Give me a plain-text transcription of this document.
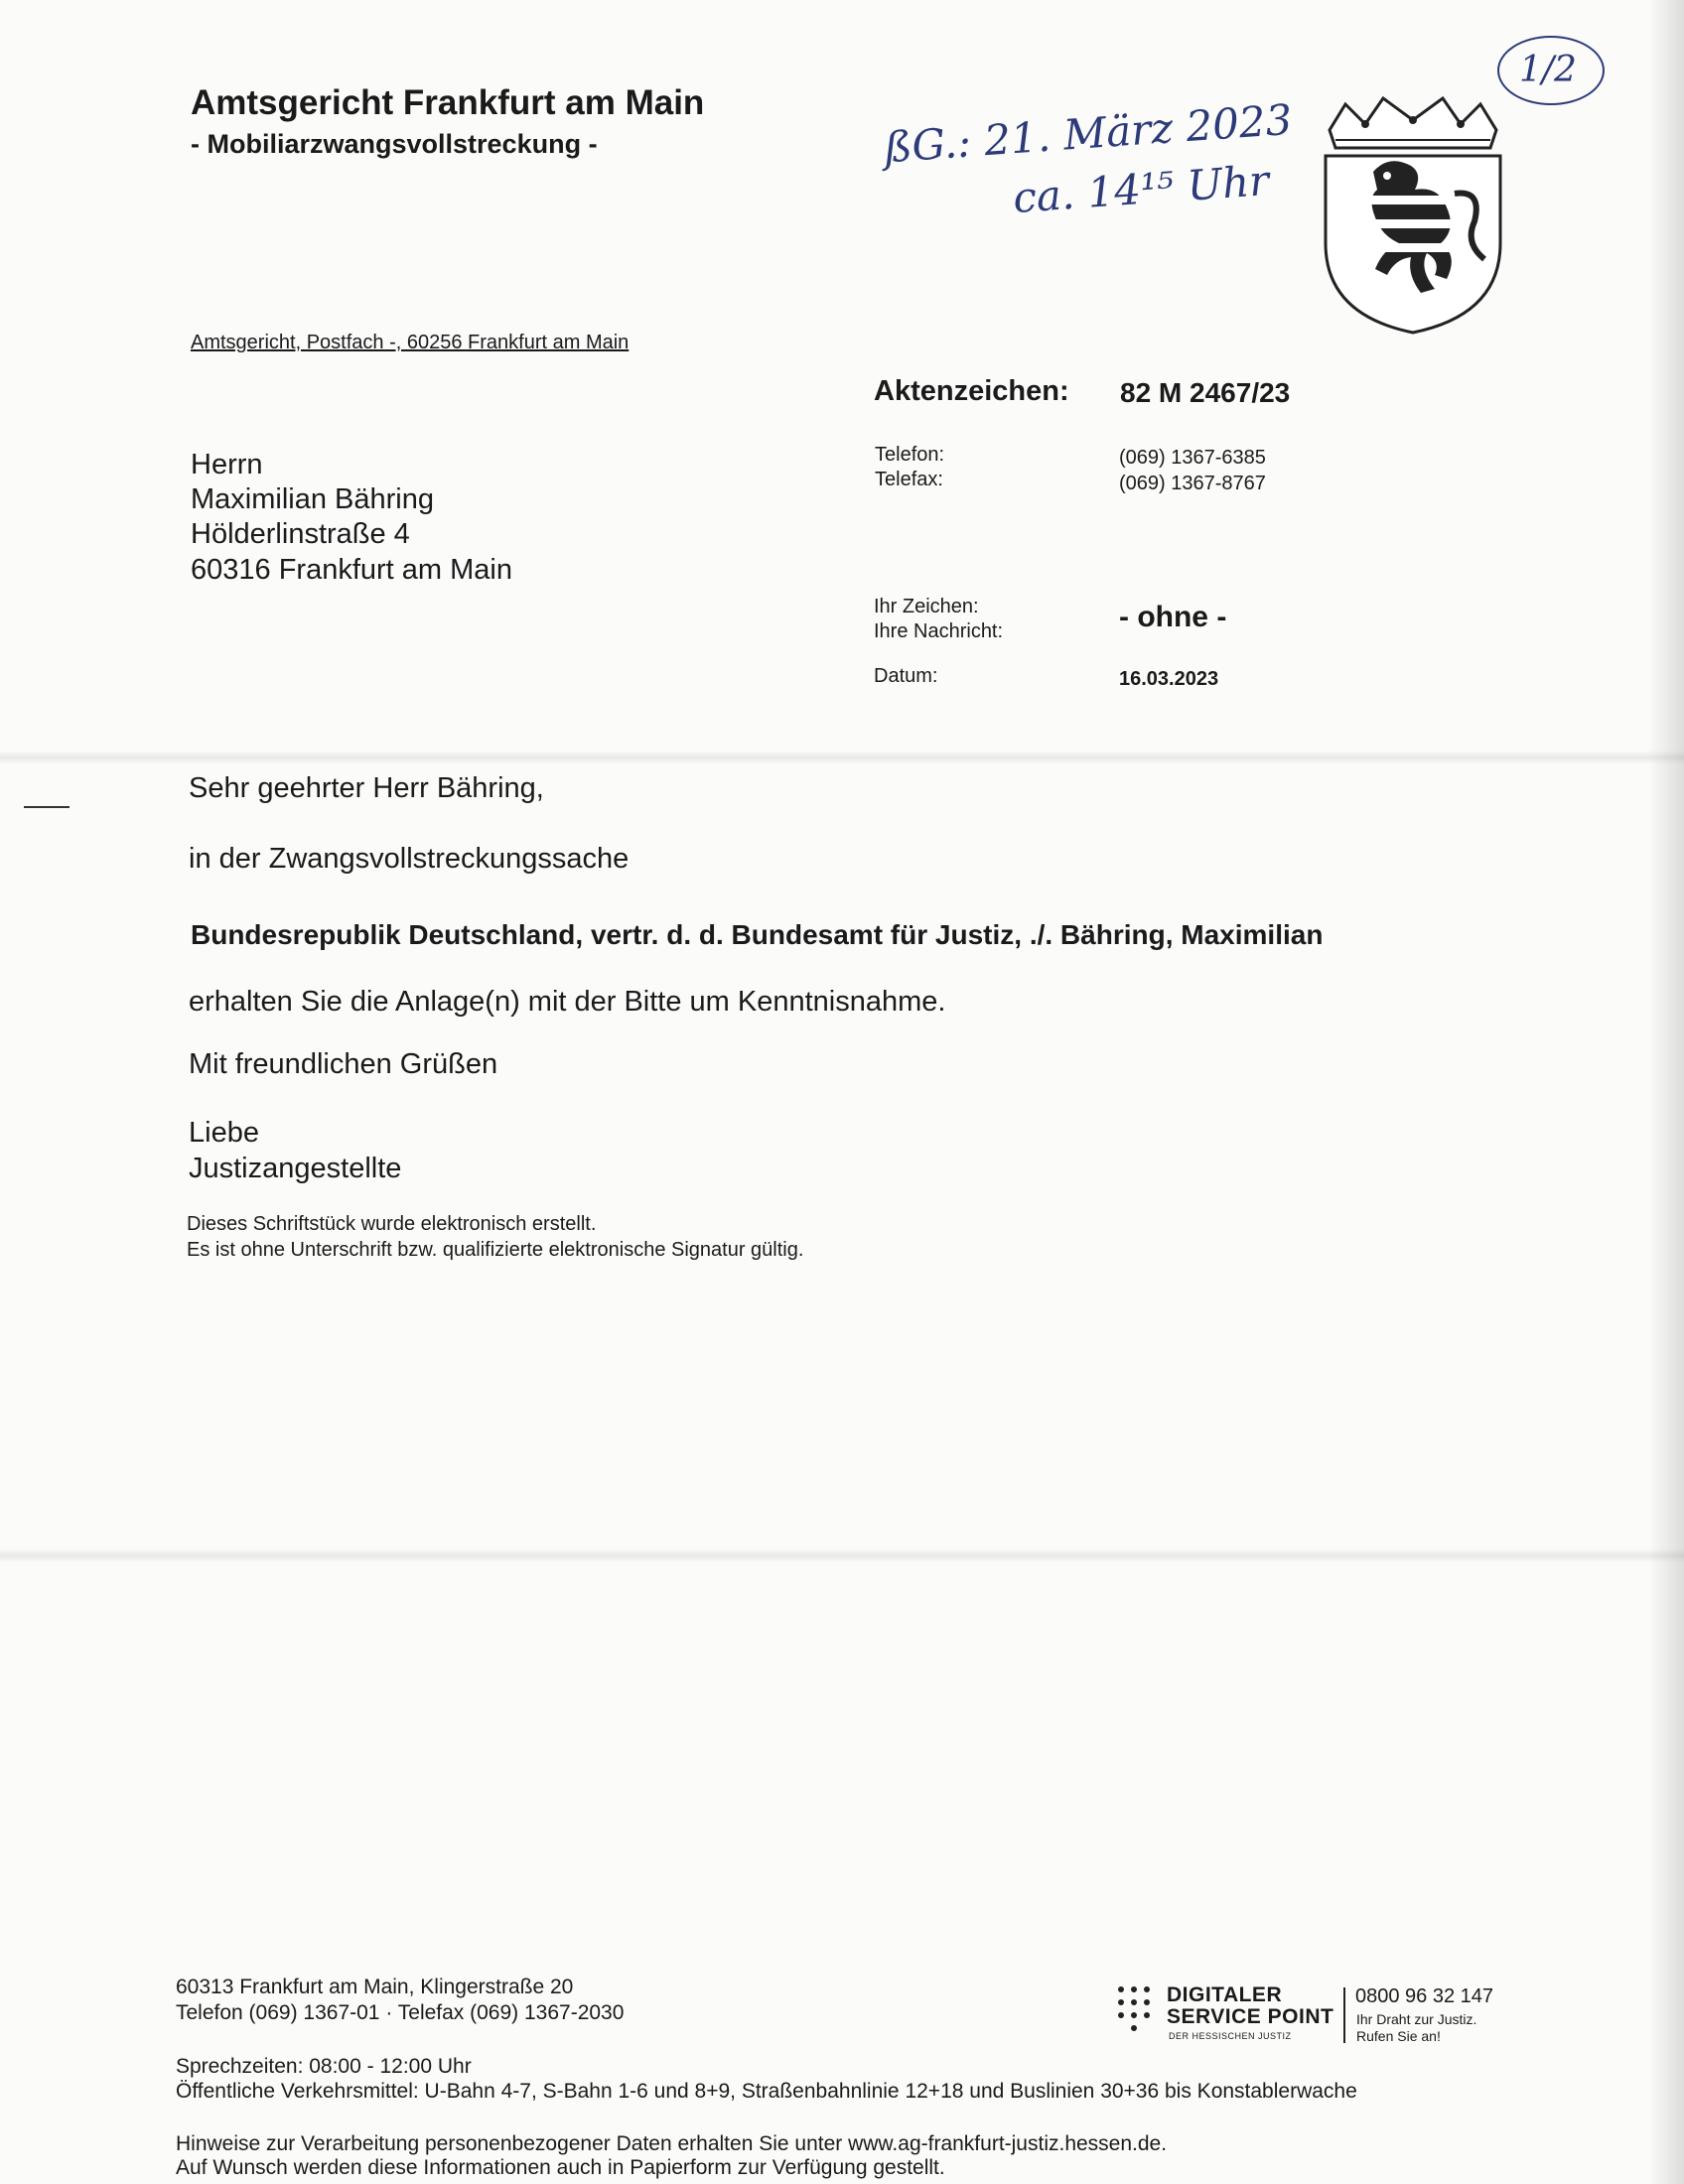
Amtsgericht Frankfurt am Main
- Mobiliarzwangsvollstreckung -
Amtsgericht, Postfach -, 60256 Frankfurt am Main
1/2
ßG.: 21. März 2023
ca. 14¹⁵ Uhr
Herrn
Maximilian Bähring
Hölderlinstraße 4
60316 Frankfurt am Main
Aktenzeichen: 82 M 2467/23
Telefon:	(069) 1367-6385
Telefax:	(069) 1367-8767
Ihr Zeichen:
Ihre Nachricht:	- ohne -
Datum:	16.03.2023
Sehr geehrter Herr Bähring,
in der Zwangsvollstreckungssache
Bundesrepublik Deutschland, vertr. d. d. Bundesamt für Justiz, ./. Bähring, Maximilian
erhalten Sie die Anlage(n) mit der Bitte um Kenntnisnahme.
Mit freundlichen Grüßen
Liebe
Justizangestellte
Dieses Schriftstück wurde elektronisch erstellt.
Es ist ohne Unterschrift bzw. qualifizierte elektronische Signatur gültig.
60313 Frankfurt am Main, Klingerstraße 20
Telefon (069) 1367-01 · Telefax (069) 1367-2030
Sprechzeiten: 08:00 - 12:00 Uhr
Öffentliche Verkehrsmittel: U-Bahn 4-7, S-Bahn 1-6 und 8+9, Straßenbahnlinie 12+18 und Buslinien 30+36 bis Konstablerwache
Hinweise zur Verarbeitung personenbezogener Daten erhalten Sie unter www.ag-frankfurt-justiz.hessen.de.
Auf Wunsch werden diese Informationen auch in Papierform zur Verfügung gestellt.
DIGITALER
SERVICE POINT
DER HESSISCHEN JUSTIZ
0800 96 32 147
Ihr Draht zur Justiz.
Rufen Sie an!
